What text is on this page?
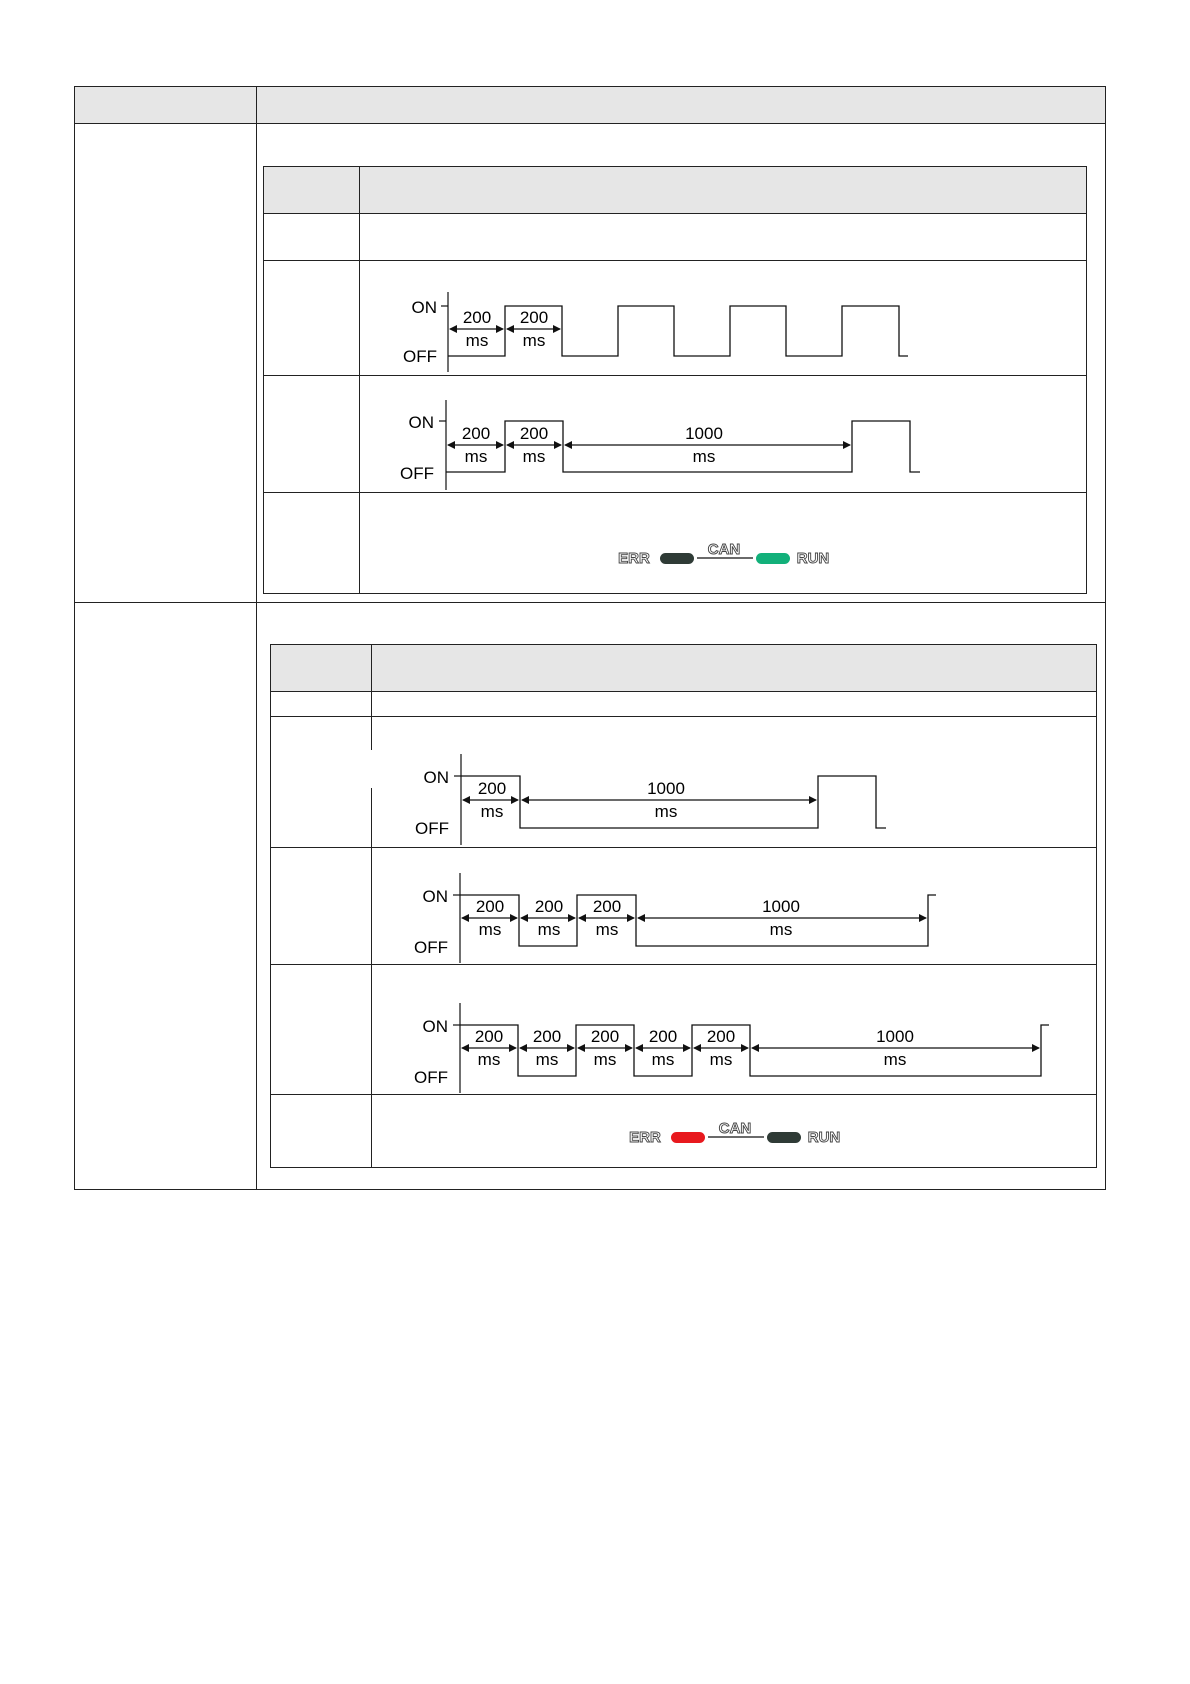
ON
OFF
200
ms
200
ms
ON
OFF
200
ms
200
ms
1000
ms
ERR
CAN
RUN
ON
OFF
200
ms
1000
ms
ON
OFF
200
ms
200
ms
200
ms
1000
ms
ON
OFF
200
ms
200
ms
200
ms
200
ms
200
ms
1000
ms
ERR
CAN
RUN
